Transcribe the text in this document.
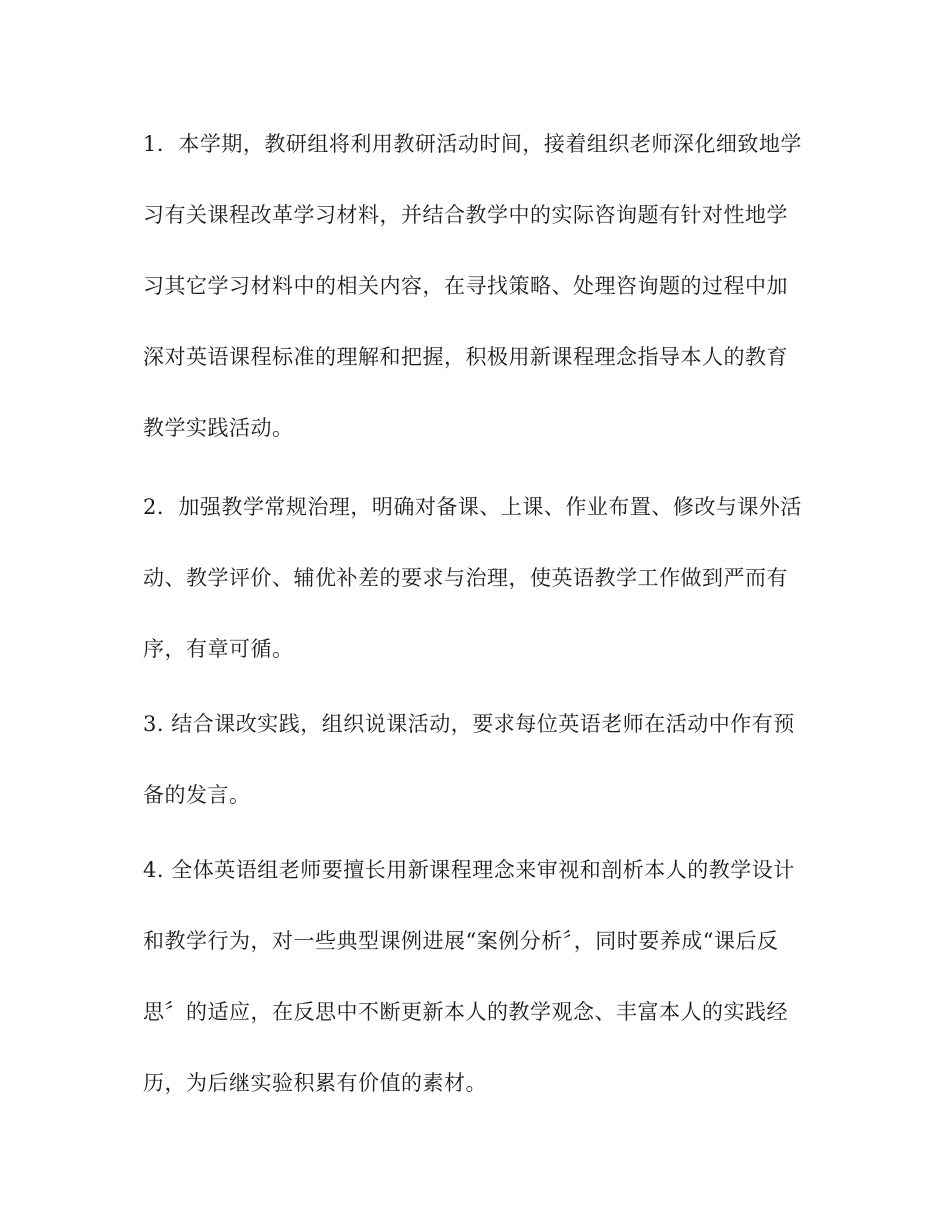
1．本学期，教研组将利用教研活动时间，接着组织老师深化细致地学
习有关课程改革学习材料，并结合教学中的实际咨询题有针对性地学
习其它学习材料中的相关内容，在寻找策略、处理咨询题的过程中加
深对英语课程标准的理解和把握，积极用新课程理念指导本人的教育
教学实践活动。
2．加强教学常规治理，明确对备课、上课、作业布置、修改与课外活
动、教学评价、辅优补差的要求与治理，使英语教学工作做到严而有
序，有章可循。
3. 结合课改实践，组织说课活动，要求每位英语老师在活动中作有预
备的发言。
4. 全体英语组老师要擅长用新课程理念来审视和剖析本人的教学设计
和教学行为，对一些典型课例进展“案例分析〞，同时要养成“课后反
思〞的适应，在反思中不断更新本人的教学观念、丰富本人的实践经
历，为后继实验积累有价值的素材。
